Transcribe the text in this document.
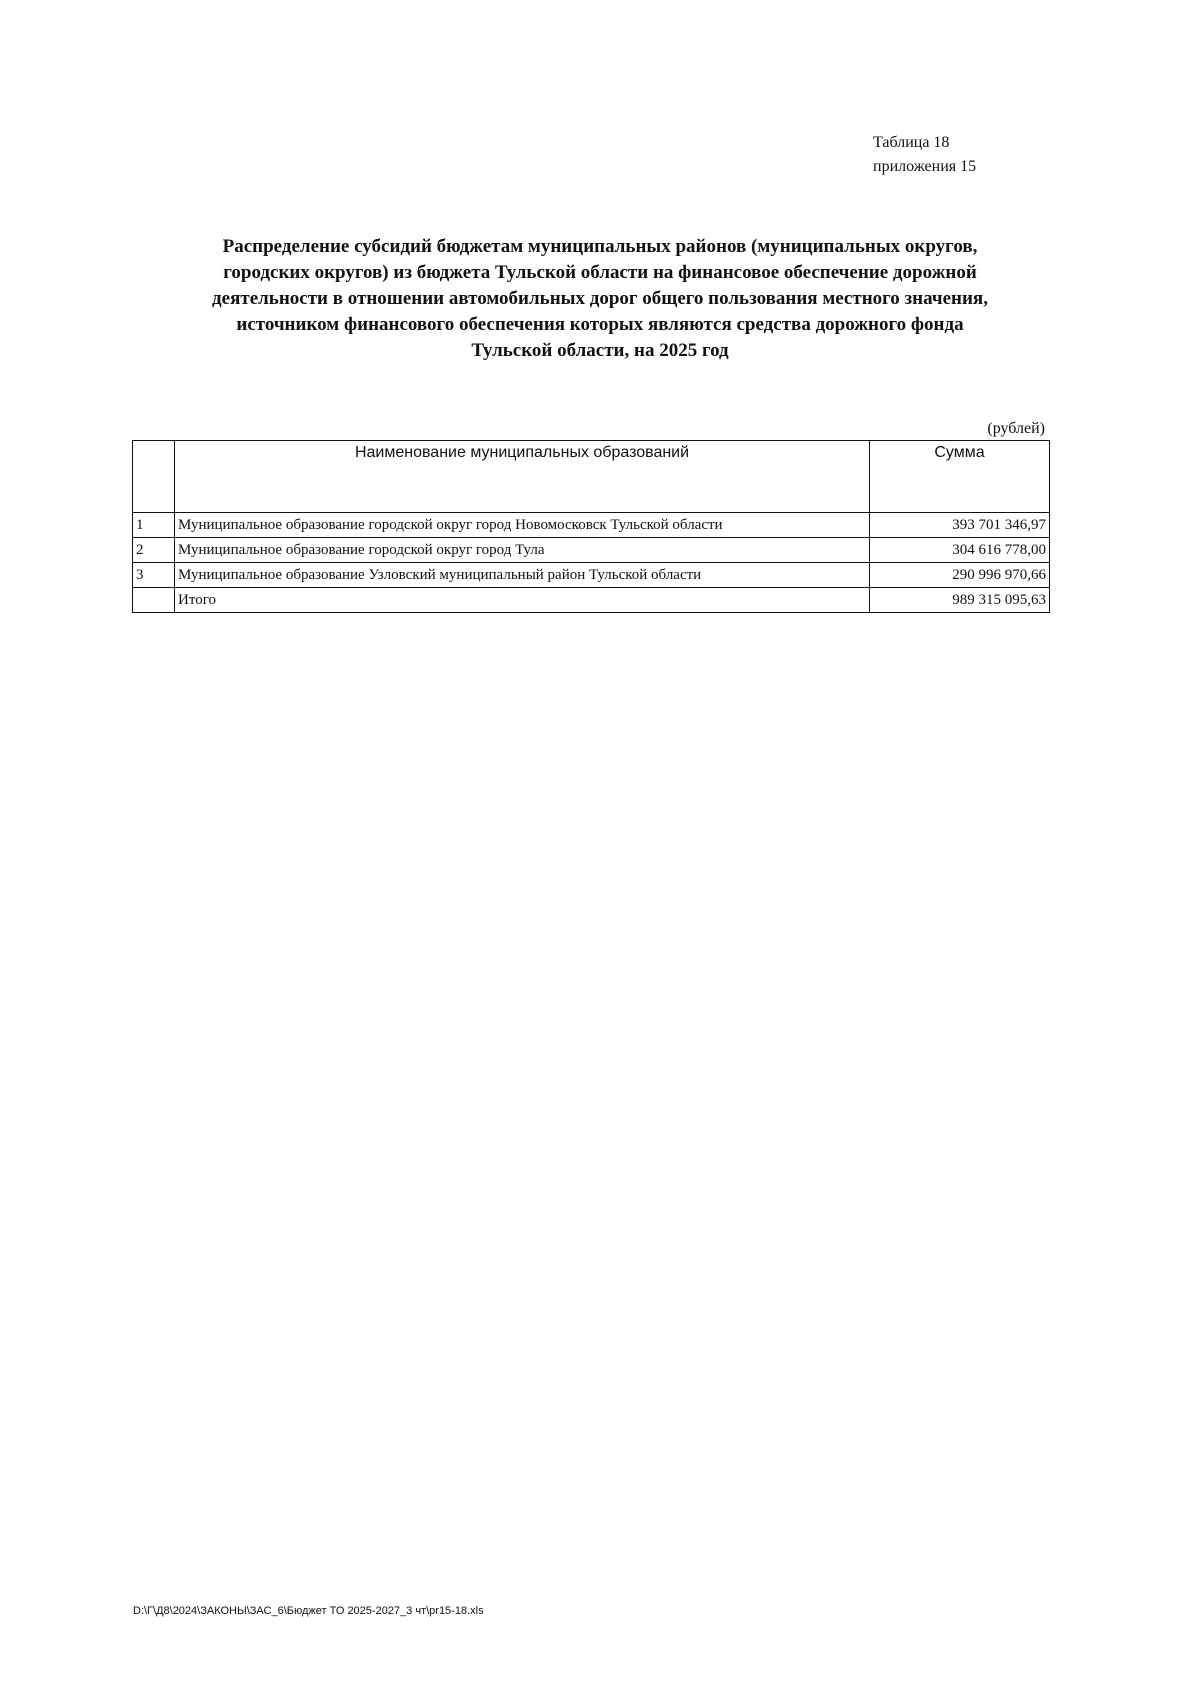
Таблица 18
приложения 15
Распределение субсидий бюджетам муниципальных районов (муниципальных округов,
городских округов) из бюджета Тульской области на финансовое обеспечение дорожной
деятельности в отношении автомобильных дорог общего пользования местного значения,
источником финансового обеспечения которых являются средства дорожного фонда
Тульской области, на 2025 год
(рублей)
	Наименование муниципальных образований	Сумма
1	Муниципальное образование городской округ город Новомосковск Тульской области	393 701 346,97
2	Муниципальное образование городской округ город Тула	304 616 778,00
3	Муниципальное образование Узловский муниципальный район Тульской области	290 996 970,66
	Итого	989 315 095,63
D:\Г\Д8\2024\ЗАКОНЫ\ЗАС_6\Бюджет ТО 2025-2027_3 чт\pr15-18.xls
